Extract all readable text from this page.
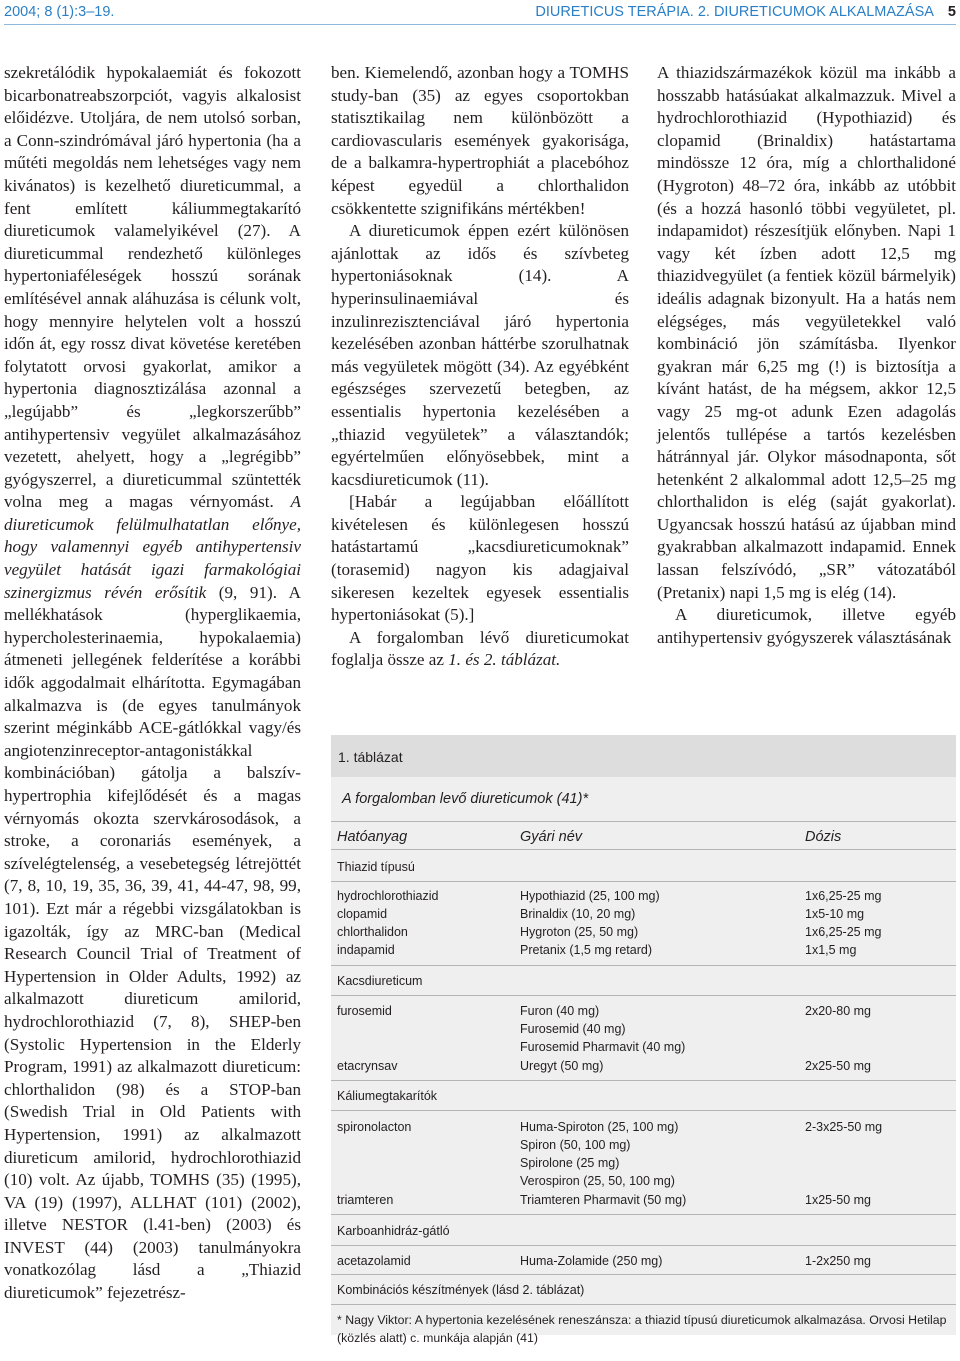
2004; 8 (1):3–19.	DIURETICUS TERÁPIA. 2. DIURETICUMOK ALKALMAZÁSA 5

szekretálódik hypokalaemiát és fokozott bicarbonatreabszorpciót, vagyis alkalosist előidézve. Utoljára, de nem utolsó sorban, a Conn-szindrómával járó hypertonia (ha a műtéti megoldás nem lehetséges vagy nem kivánatos) is kezelhető diureticummal, a fent említett káliummegtakarító diureticumok valamelyikével (27). A diureticummal rendezhető különleges hypertoniaféleségek hosszú sorának említésével annak aláhuzása is célunk volt, hogy mennyire helytelen volt a hosszú időn át, egy rossz divat követése keretében folytatott orvosi gyakorlat, amikor a hypertonia diagnosztizálása azonnal a „legújabb” és „legkorszerűbb” antihypertensiv vegyület alkalmazásához vezetett, ahelyett, hogy a „legrégibb” gyógyszerrel, a diureticummal szüntették volna meg a magas vérnyomást. A diureticumok felülmulhatatlan előnye, hogy valamennyi egyéb antihypertensiv vegyület hatását igazi farmakológiai szinergizmus révén erősítik (9, 91). A mellékhatások (hyperglikaemia, hypercholesterinaemia, hypokalaemia) átmeneti jellegének felderítése a korábbi idők aggodalmait elhárította. Egymagában alkalmazva is (de egyes tanulmányok szerint méginkább ACE-gátlókkal vagy/és angiotenzinreceptor-antagonistákkal kombinációban) gátolja a balszív-hypertrophia kifejlődését és a magas vérnyomás okozta szervkárosodások, a stroke, a coronariás események, a szívelégtelenség, a vesebetegség létrejöttét (7, 8, 10, 19, 35, 36, 39, 41, 44-47, 98, 99, 101). Ezt már a régebbi vizsgálatokban is igazolták, így az MRC-ban (Medical Research Council Trial of Treatment of Hypertension in Older Adults, 1992) az alkalmazott diureticum amilorid, hydrochlorothiazid (7, 8), SHEP-ben (Systolic Hypertension in the Elderly Program, 1991) az alkalmazott diureticum: chlorthalidon (98) és a STOP-ban (Swedish Trial in Old Patients with Hypertension, 1991) az alkalmazott diureticum amilorid, hydrochlorothiazid (10) volt. Az újabb, TOMHS (35) (1995), VA (19) (1997), ALLHAT (101) (2002), illetve NESTOR (l.41-ben) (2003) és INVEST (44) (2003) tanulmányokra vonatkozólag lásd a „Thiazid diureticumok” fejezetrész-

ben. Kiemelendő, azonban hogy a TOMHS study-ban (35) az egyes csoportokban statisztikailag nem különbözött a cardiovascularis események gyakorisága, de a balkamra-hypertrophiát a placebóhoz képest egyedül a chlorthalidon csökkentette szignifikáns mértékben!

A diureticumok éppen ezért különösen ajánlottak az idős és szívbeteg hypertoniásoknak (14). A hyperinsulinaemiával és inzulinrezisztenciával járó hypertonia kezelésében azonban háttérbe szorulhatnak más vegyületek mögött (34). Az egyébként egészséges szervezetű betegben, az essentialis hypertonia kezelésében a „thiazid vegyületek” a választandók; egyértelműen előnyösebbek, mint a kacsdiureticumok (11).

[Habár a legújabban előállított kivételesen és különlegesen hosszú hatástartamú „kacsdiureticumoknak” (torasemid) nagyon kis adagjaival sikeresen kezeltek egyesek essentialis hypertoniásokat (5).]

A forgalomban lévő diureticumokat foglalja össze az 1. és 2. táblázat.

A thiazidszármazékok közül ma inkább a hosszabb hatásúakat alkalmazzuk. Mivel a hydrochlorothiazid (Hypothiazid) és clopamid (Brinaldix) hatástartama mindössze 12 óra, míg a chlorthalidoné (Hygroton) 48–72 óra, inkább az utóbbit (és a hozzá hasonló többi vegyületet, pl. indapamidot) részesítjük előnyben. Napi 1 vagy két ízben adott 12,5 mg thiazidvegyület (a fentiek közül bármelyik) ideális adagnak bizonyult. Ha a hatás nem elégséges, más vegyületekkel való kombináció jön számításba. Ilyenkor gyakran már 6,25 mg (!) is biztosítja a kívánt hatást, de ha mégsem, akkor 12,5 vagy 25 mg-ot adunk Ezen adagolás jelentős tullépése a tartós kezelésben hátránnyal jár. Olykor másodnaponta, sőt hetenként 2 alkalommal adott 12,5–25 mg chlorthalidon is elég (saját gyakorlat). Ugyancsak hosszú hatású az újabban mind gyakrabban alkalmazott indapamid. Ennek lassan felszívódó, „SR” vátozatából (Pretanix) napi 1,5 mg is elég (14).

A diureticumok, illetve egyéb antihypertensiv gyógyszerek választásának

1. táblázat
A forgalomban levő diureticumok (41)*
Hatóanyag	Gyári név	Dózis
Thiazid típusú
hydrochlorothiazid	Hypothiazid (25, 100 mg)	1x6,25-25 mg
clopamid	Brinaldix (10, 20 mg)	1x5-10 mg
chlorthalidon	Hygroton (25, 50 mg)	1x6,25-25 mg
indapamid	Pretanix (1,5 mg retard)	1x1,5 mg
Kacsdiureticum
furosemid	Furon (40 mg)	2x20-80 mg
Furosemid (40 mg)
Furosemid Pharmavit (40 mg)
etacrynsav	Uregyt (50 mg)	2x25-50 mg
Káliumegtakarítók
spironolacton	Huma-Spiroton (25, 100 mg)	2-3x25-50 mg
Spiron (50, 100 mg)
Spirolone (25 mg)
Verospiron (25, 50, 100 mg)
triamteren	Triamteren Pharmavit (50 mg)	1x25-50 mg
Karboanhidráz-gátló
acetazolamid	Huma-Zolamide (250 mg)	1-2x250 mg
Kombinációs készítmények (lásd 2. táblázat)
* Nagy Viktor: A hypertonia kezelésének reneszánsza: a thiazid típusú diureticumok alkalmazása. Orvosi Hetilap (közlés alatt) c. munkája alapján (41)
